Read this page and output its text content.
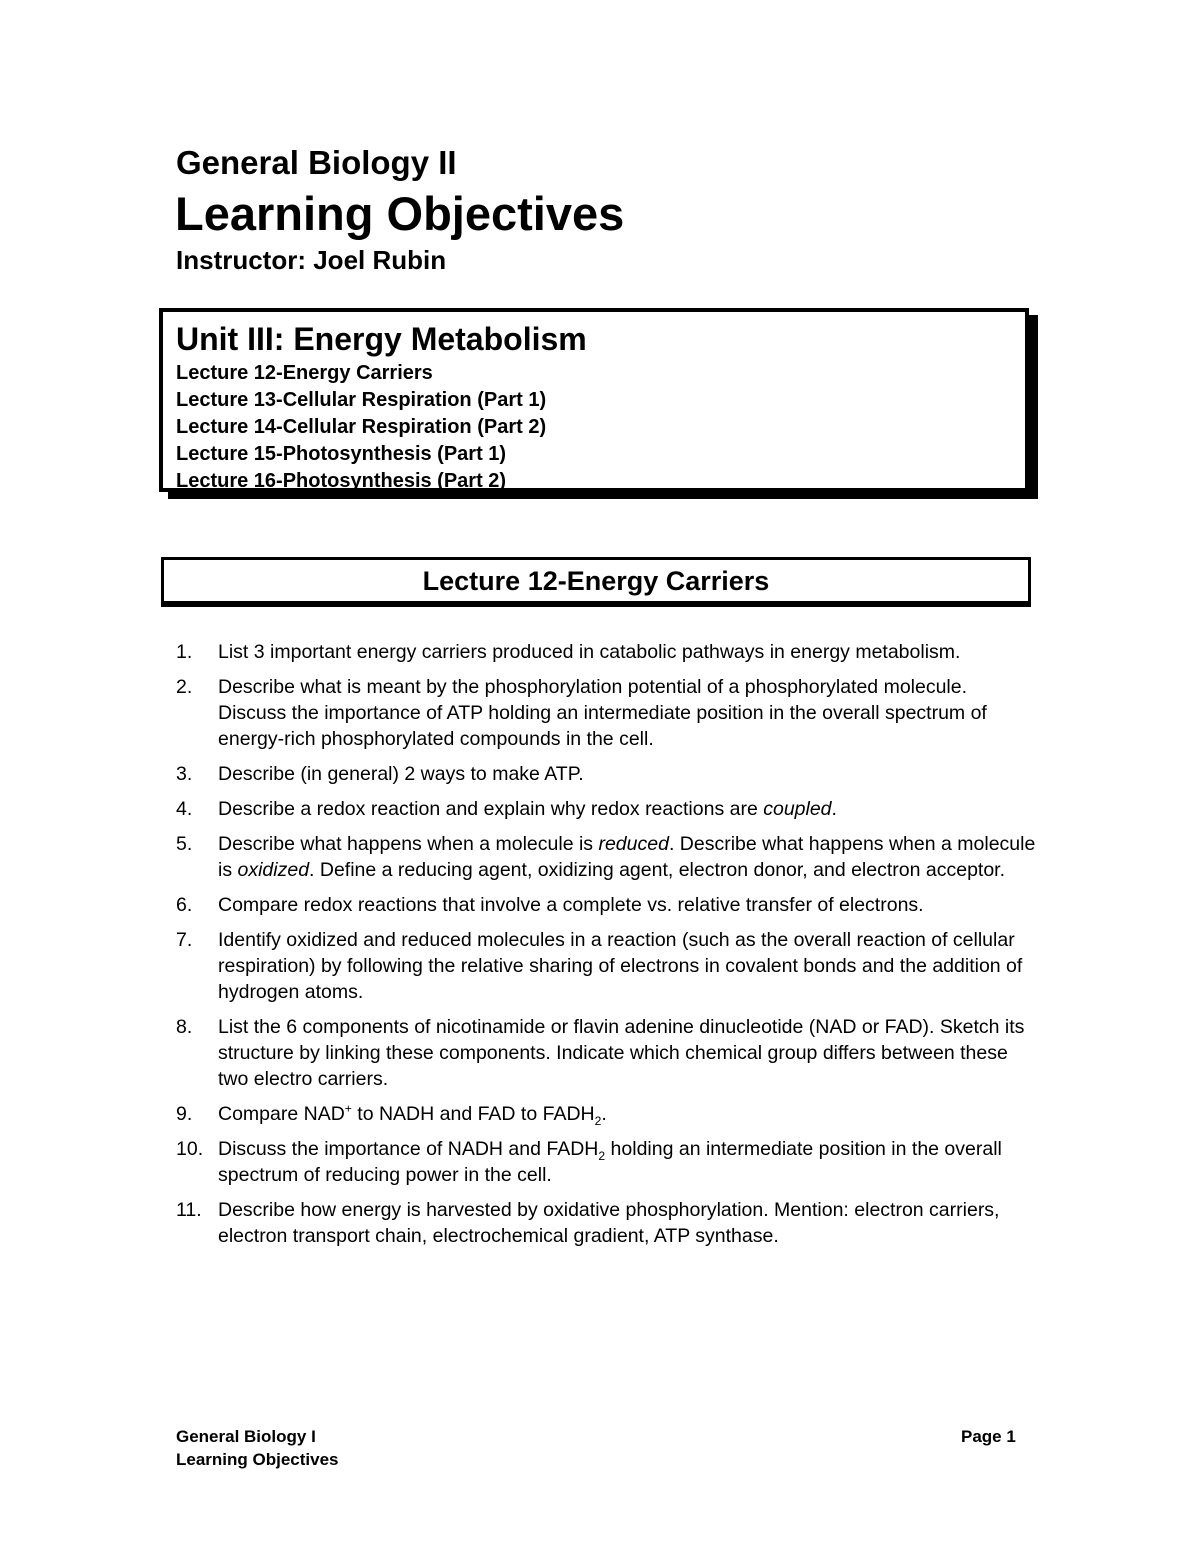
General Biology II
Learning Objectives
Instructor: Joel Rubin
Unit III: Energy Metabolism
Lecture 12-Energy Carriers
Lecture 13-Cellular Respiration (Part 1)
Lecture 14-Cellular Respiration (Part 2)
Lecture 15-Photosynthesis (Part 1)
Lecture 16-Photosynthesis (Part 2)
Lecture 12-Energy Carriers
1.	List 3 important energy carriers produced in catabolic pathways in energy metabolism.
2.	Describe what is meant by the phosphorylation potential of a phosphorylated molecule. Discuss the importance of ATP holding an intermediate position in the overall spectrum of energy-rich phosphorylated compounds in the cell.
3.	Describe (in general) 2 ways to make ATP.
4.	Describe a redox reaction and explain why redox reactions are coupled.
5.	Describe what happens when a molecule is reduced. Describe what happens when a molecule is oxidized. Define a reducing agent, oxidizing agent, electron donor, and electron acceptor.
6.	Compare redox reactions that involve a complete vs. relative transfer of electrons.
7.	Identify oxidized and reduced molecules in a reaction (such as the overall reaction of cellular respiration) by following the relative sharing of electrons in covalent bonds and the addition of hydrogen atoms.
8.	List the 6 components of nicotinamide or flavin adenine dinucleotide (NAD or FAD). Sketch its structure by linking these components. Indicate which chemical group differs between these two electro carriers.
9.	Compare NAD+ to NADH and FAD to $FADH_2$.
10. Discuss the importance of NADH and $FADH_2$ holding an intermediate position in the overall spectrum of reducing power in the cell.
11. Describe how energy is harvested by oxidative phosphorylation. Mention: electron carriers, electron transport chain, electrochemical gradient, ATP synthase.
General Biology I
Learning Objectives
Page 1
